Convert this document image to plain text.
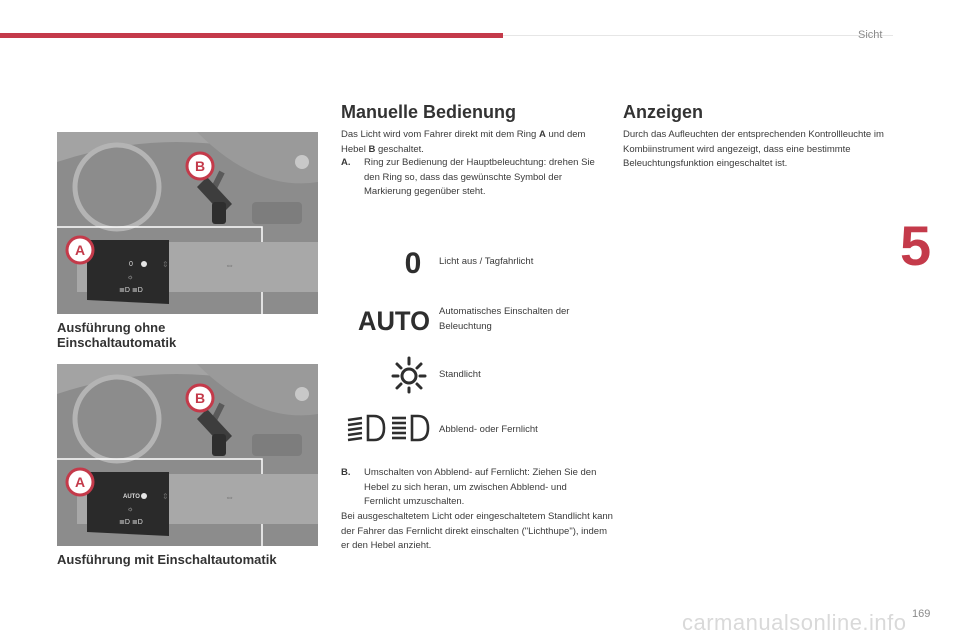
Sicht
5
169
0
☼
≣D ≣D
⇕	⇔
A
B
Ausführung ohne Einschaltautomatik
AUTO
☼
≣D ≣D
⇕	⇔
A
B
Ausführung mit Einschaltautomatik
Manuelle Bedienung
Das Licht wird vom Fahrer direkt mit dem Ring A und dem Hebel B geschaltet.
A.	Ring zur Bedienung der Hauptbeleuchtung: drehen Sie den Ring so, dass das gewünschte Symbol der Markierung gegenüber steht.
0 Licht aus / Tagfahrlicht
AUTO Automatisches Einschalten der Beleuchtung
Standlicht
Abblend- oder Fernlicht
B.	Umschalten von Abblend- auf Fernlicht: Ziehen Sie den Hebel zu sich heran, um zwischen Abblend- und Fernlicht umzuschalten.
Bei ausgeschaltetem Licht oder eingeschaltetem Standlicht kann der Fahrer das Fernlicht direkt einschalten ("Lichthupe"), indem er den Hebel anzieht.
Anzeigen
Durch das Aufleuchten der entsprechenden Kontrollleuchte im Kombiinstrument wird angezeigt, dass eine bestimmte Beleuchtungsfunktion eingeschaltet ist.
carmanualsonline.info
